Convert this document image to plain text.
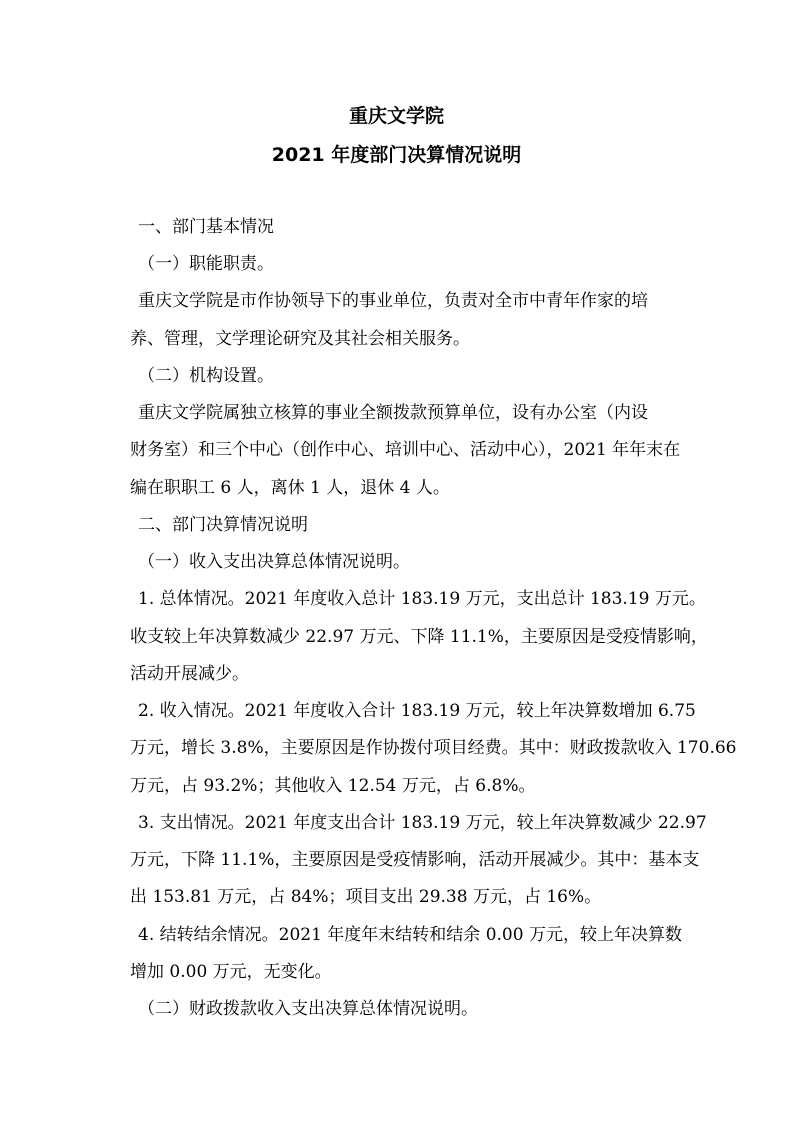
重庆文学院
2021 年度部门决算情况说明
一、部门基本情况
（一）职能职责。
重庆文学院是市作协领导下的事业单位，负责对全市中青年作家的培
养、管理，文学理论研究及其社会相关服务。
（二）机构设置。
重庆文学院属独立核算的事业全额拨款预算单位，设有办公室（内设
财务室）和三个中心（创作中心、培训中心、活动中心），2021 年年末在
编在职职工 6 人，离休 1 人，退休 4 人。
二、部门决算情况说明
（一）收入支出决算总体情况说明。
1. 总体情况。2021 年度收入总计 183.19 万元，支出总计 183.19 万元。
收支较上年决算数减少 22.97 万元、下降 11.1%，主要原因是受疫情影响，
活动开展减少。
2. 收入情况。2021 年度收入合计 183.19 万元，较上年决算数增加 6.75
万元，增长 3.8%，主要原因是作协拨付项目经费。其中：财政拨款收入 170.66
万元，占 93.2%；其他收入 12.54 万元，占 6.8%。
3. 支出情况。2021 年度支出合计 183.19 万元，较上年决算数减少 22.97
万元，下降 11.1%，主要原因是受疫情影响，活动开展减少。其中：基本支
出 153.81 万元，占 84%；项目支出 29.38 万元，占 16%。
4. 结转结余情况。2021 年度年末结转和结余 0.00 万元，较上年决算数
增加 0.00 万元，无变化。
（二）财政拨款收入支出决算总体情况说明。
